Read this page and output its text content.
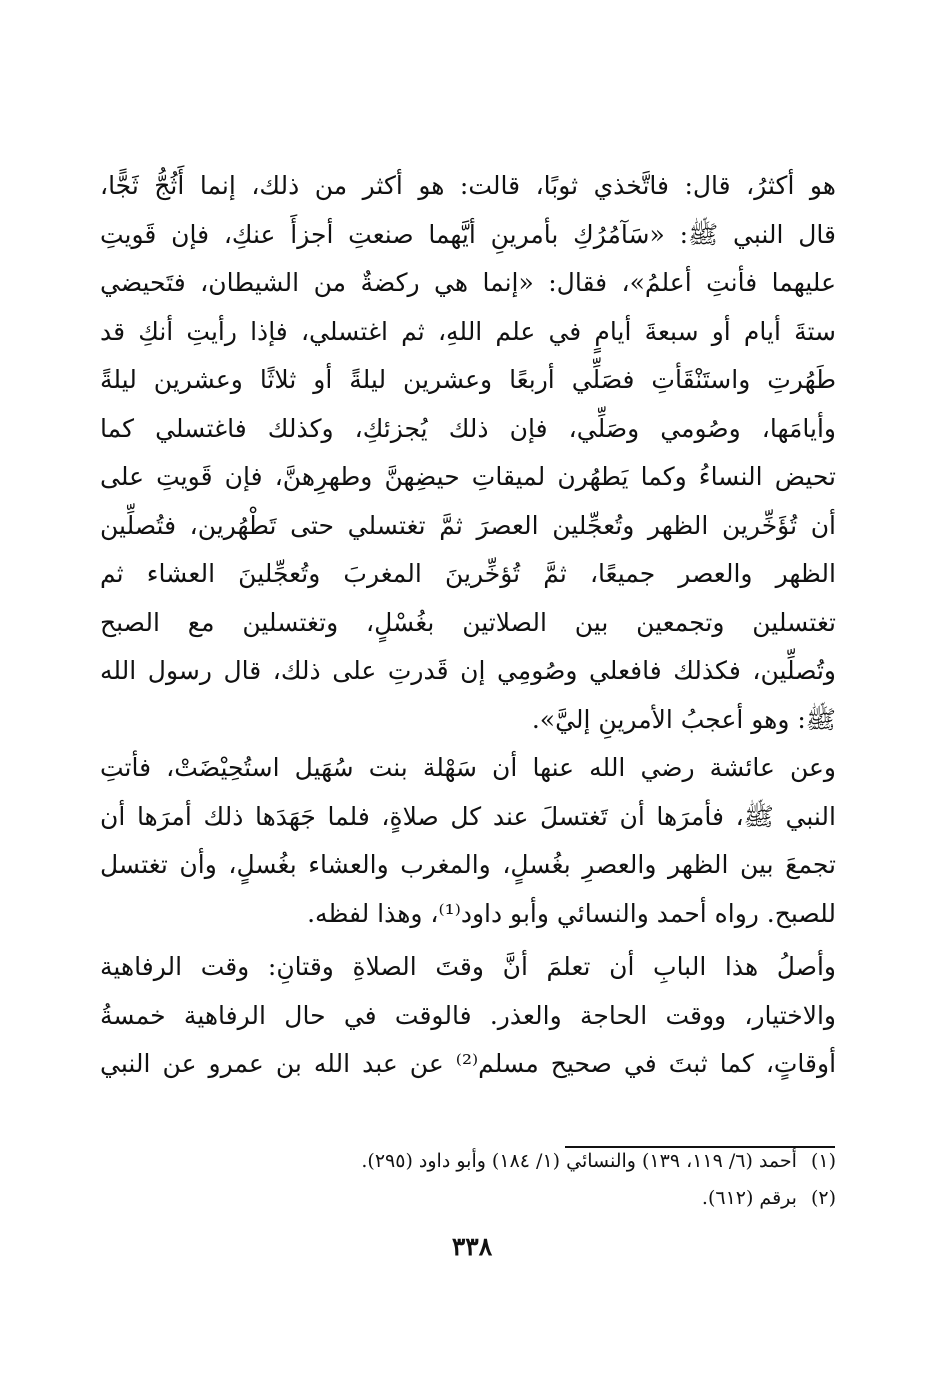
هو أكثرُ، قال: فاتَّخذي ثوبًا، قالت: هو أكثر من ذلك، إنما أَثُجُّ ثَجًّا،
قال النبي ﷺ: «سَآمُرُكِ بأمرينِ أيَّهما صنعتِ أجزأَ عنكِ، فإن قَويتِ
عليهما فأنتِ أعلمُ»، فقال: «إنما هي ركضةٌ من الشيطان، فتَحيضي
ستةَ أيام أو سبعةَ أيامٍ في علم اللهِ، ثم اغتسلي، فإذا رأيتِ أنكِ قد
طَهُرتِ واستَنْقَأتِ فصَلِّي أربعًا وعشرين ليلةً أو ثلاثًا وعشرين ليلةً
وأيامَها، وصُومي وصَلِّي، فإن ذلك يُجزئكِ، وكذلك فاغتسلي كما
تحيض النساءُ وكما يَطهُرن لميقاتِ حيضِهنَّ وطهرِهنَّ، فإن قَويتِ على
أن تُؤَخِّرين الظهر وتُعجِّلين العصرَ ثمَّ تغتسلي حتى تَطْهُرين، فتُصلِّين
الظهر والعصر جميعًا، ثمَّ تُؤخِّرينَ المغربَ وتُعجِّلينَ العشاء ثم
تغتسلين وتجمعين بين الصلاتين بغُسْلٍ، وتغتسلين مع الصبح
وتُصلِّين، فكذلك فافعلي وصُومِي إن قَدرتِ على ذلك، قال رسول الله
ﷺ: وهو أعجبُ الأمرينِ إليَّ».
وعن عائشة رضي الله عنها أن سَهْلة بنت سُهَيل استُحِيْضَتْ، فأتتِ
النبي ﷺ، فأمرَها أن تَغتسلَ عند كل صلاةٍ، فلما جَهَدَها ذلك أمرَها أن
تجمعَ بين الظهر والعصرِ بغُسلٍ، والمغرب والعشاء بغُسلٍ، وأن تغتسل
للصبح. رواه أحمد والنسائي وأبو داود⁽¹⁾، وهذا لفظه.
وأصلُ هذا البابِ أن تعلمَ أنَّ وقتَ الصلاةِ وقتانِ: وقت الرفاهية
والاختيار، ووقت الحاجة والعذر. فالوقت في حال الرفاهية خمسةُ
أوقاتٍ، كما ثبتَ في صحيح مسلم⁽²⁾ عن عبد الله بن عمرو عن النبي
(١)أحمد (٦/ ١١٩، ١٣٩) والنسائي (١/ ١٨٤) وأبو داود (٢٩٥).
(٢)برقم (٦١٢).
٣٣٨
